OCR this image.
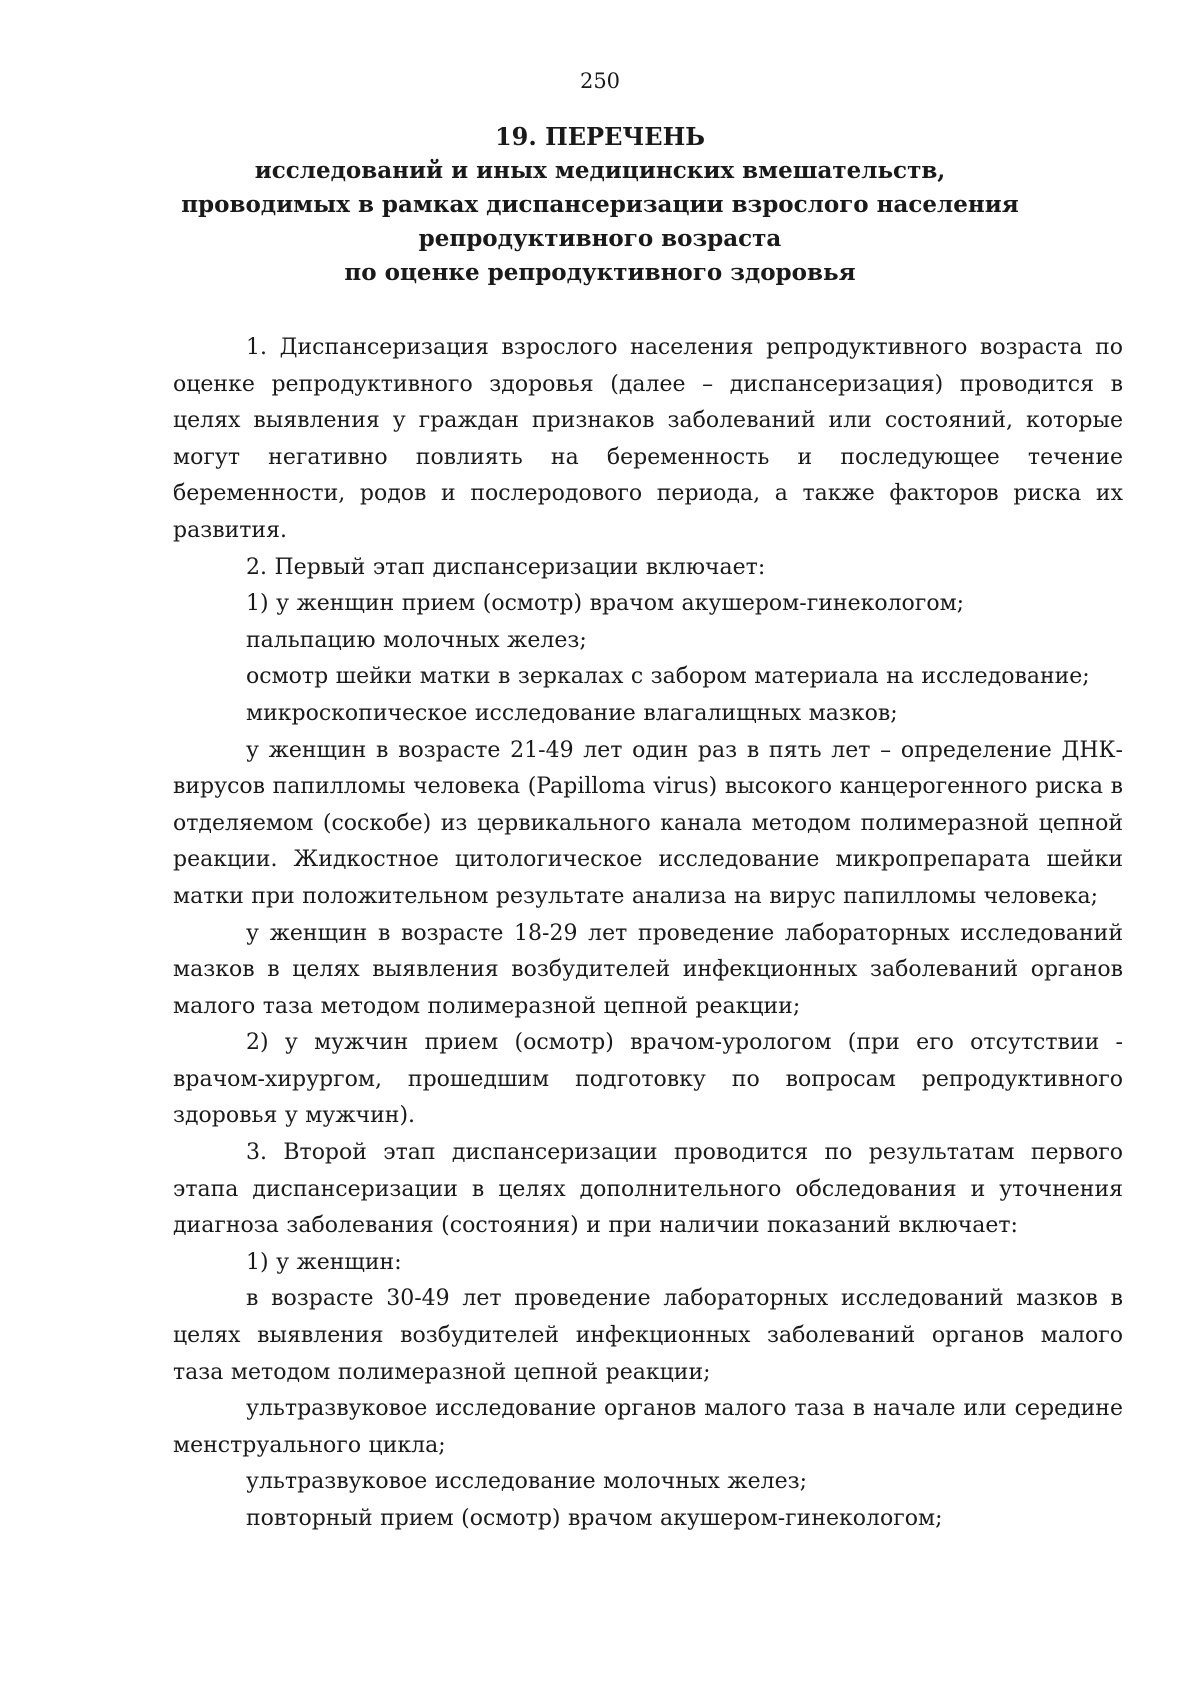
250
19. ПЕРЕЧЕНЬ
исследований и иных медицинских вмешательств,
проводимых в рамках диспансеризации взрослого населения
репродуктивного возраста
по оценке репродуктивного здоровья

1. Диспансеризация взрослого населения репродуктивного возраста по оценке репродуктивного здоровья (далее – диспансеризация) проводится в целях выявления у граждан признаков заболеваний или состояний, которые могут негативно повлиять на беременность и последующее течение беременности, родов и послеродового периода, а также факторов риска их развития.

2. Первый этап диспансеризации включает:

1) у женщин прием (осмотр) врачом акушером-гинекологом;

пальпацию молочных желез;

осмотр шейки матки в зеркалах с забором материала на исследование;

микроскопическое исследование влагалищных мазков;

у женщин в возрасте 21-49 лет один раз в пять лет – определение ДНК-вирусов папилломы человека (Papilloma virus) высокого канцерогенного риска в отделяемом (соскобе) из цервикального канала методом полимеразной цепной реакции. Жидкостное цитологическое исследование микропрепарата шейки матки при положительном результате анализа на вирус папилломы человека;

у женщин в возрасте 18-29 лет проведение лабораторных исследований мазков в целях выявления возбудителей инфекционных заболеваний органов малого таза методом полимеразной цепной реакции;

2) у мужчин прием (осмотр) врачом-урологом (при его отсутствии - врачом-хирургом, прошедшим подготовку по вопросам репродуктивного здоровья у мужчин).

3. Второй этап диспансеризации проводится по результатам первого этапа диспансеризации в целях дополнительного обследования и уточнения диагноза заболевания (состояния) и при наличии показаний включает:

1) у женщин:

в возрасте 30-49 лет проведение лабораторных исследований мазков в целях выявления возбудителей инфекционных заболеваний органов малого таза методом полимеразной цепной реакции;

ультразвуковое исследование органов малого таза в начале или середине менструального цикла;

ультразвуковое исследование молочных желез;

повторный прием (осмотр) врачом акушером-гинекологом;
